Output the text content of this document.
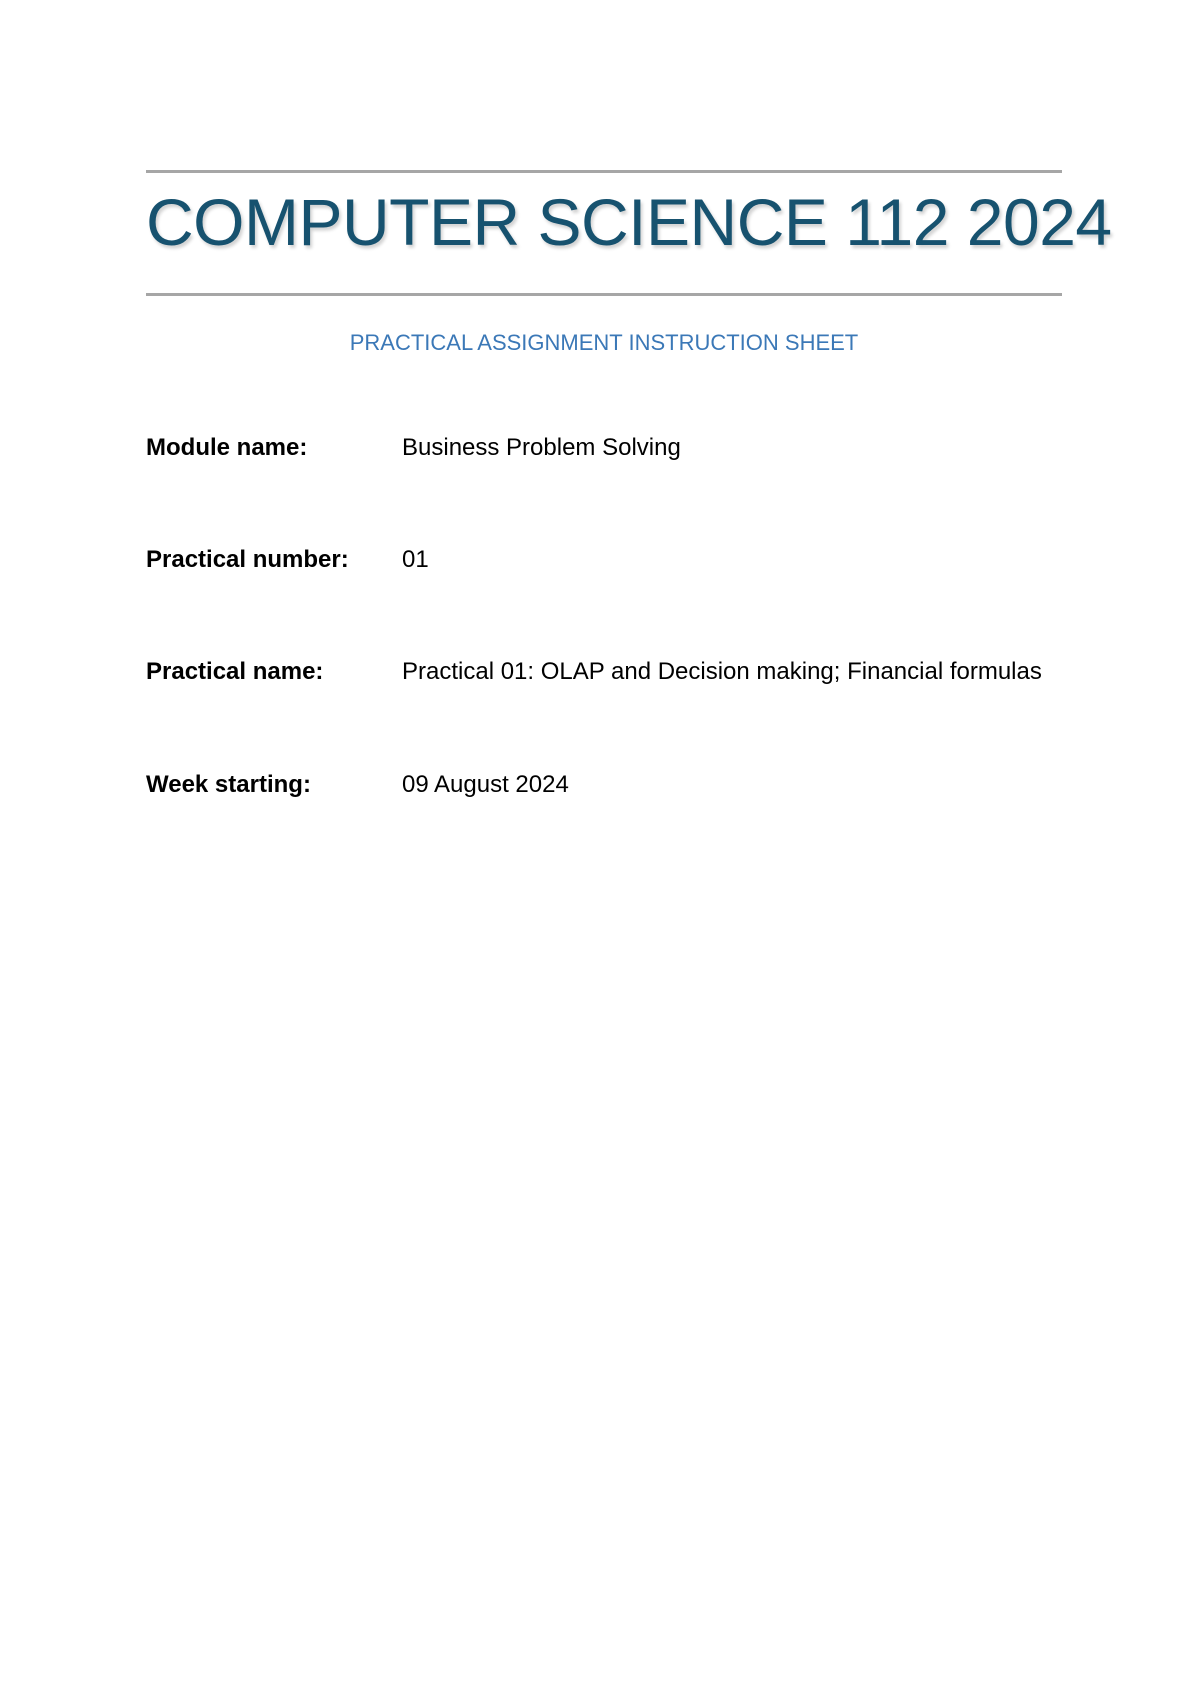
COMPUTER SCIENCE 112 2024
PRACTICAL ASSIGNMENT INSTRUCTION SHEET
Module name:	Business Problem Solving
Practical number:	01
Practical name:	Practical 01: OLAP and Decision making; Financial formulas
Week starting:	09 August 2024
